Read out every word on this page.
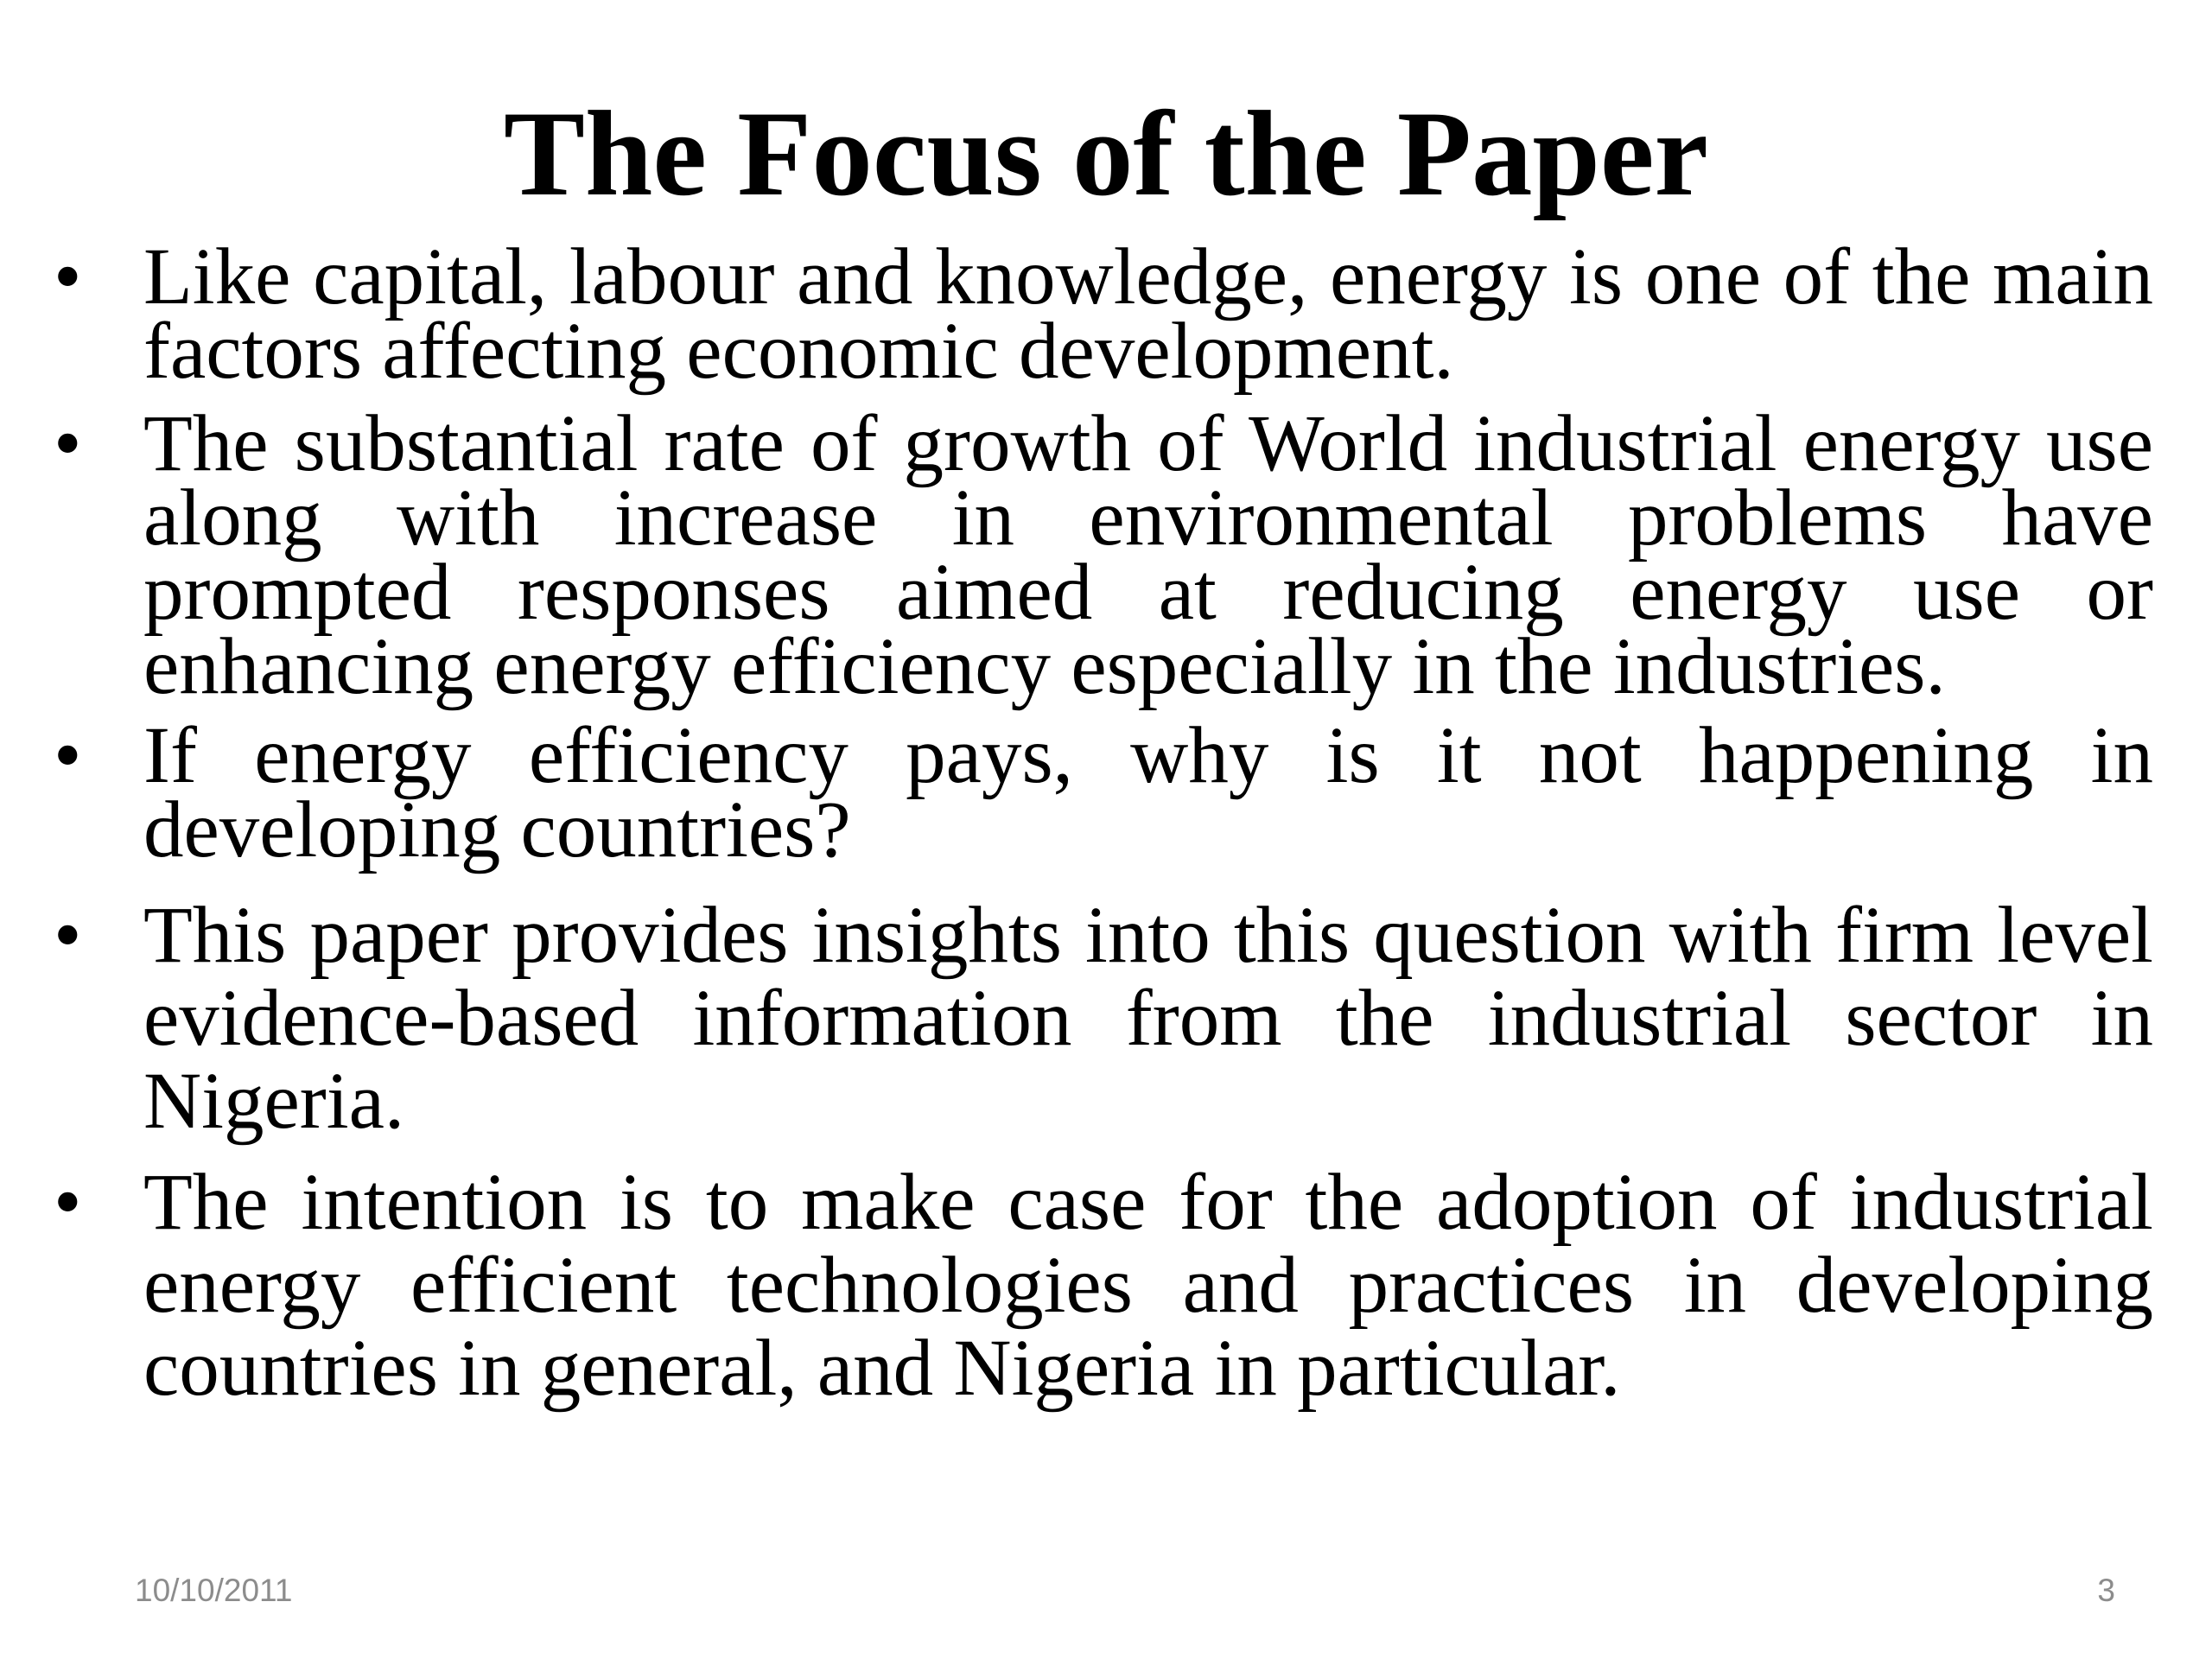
The Focus of the Paper
• Like capital, labour and knowledge, energy is one of the main factors affecting economic development.
• The substantial rate of growth of World industrial energy use along with increase in environmental problems have prompted responses aimed at reducing energy use or enhancing energy efficiency especially in the industries.
• If energy efficiency pays, why is it not happening in developing countries?
• This paper provides insights into this question with firm level evidence-based information from the industrial sector in Nigeria.
• The intention is to make case for the adoption of industrial energy efficient technologies and practices in developing countries in general, and Nigeria in particular.
10/10/2011	3
